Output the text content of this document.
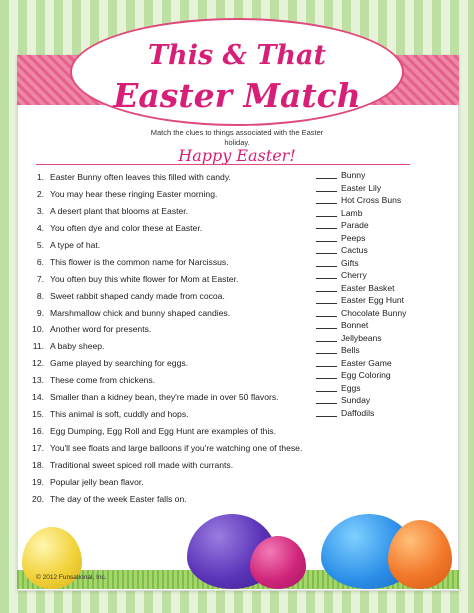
This & That
Easter Match
Match the clues to things associated with the Easter holiday.
Happy Easter!
1. Easter Bunny often leaves this filled with candy.
2. You may hear these ringing Easter morning.
3. A desert plant that blooms at Easter.
4. You often dye and color these at Easter.
5. A type of hat.
6. This flower is the common name for Narcissus.
7. You often buy this white flower for Mom at Easter.
8. Sweet rabbit shaped candy made from cocoa.
9. Marshmallow chick and bunny shaped candies.
10. Another word for presents.
11. A baby sheep.
12. Game played by searching for eggs.
13. These come from chickens.
14. Smaller than a kidney bean, they're made in over 50 flavors.
15. This animal is soft, cuddly and hops.
16. Egg Dumping, Egg Roll and Egg Hunt are examples of this.
17. You'll see floats and large balloons if you're watching one of these.
18. Traditional sweet spiced roll made with currants.
19. Popular jelly bean flavor.
20. The day of the week Easter falls on.
Bunny
Easter Lily
Hot Cross Buns
Lamb
Parade
Peeps
Cactus
Gifts
Cherry
Easter Basket
Easter Egg Hunt
Chocolate Bunny
Bonnet
Jellybeans
Bells
Easter Game
Egg Coloring
Eggs
Sunday
Daffodils
© 2012 Funsational, Inc.
